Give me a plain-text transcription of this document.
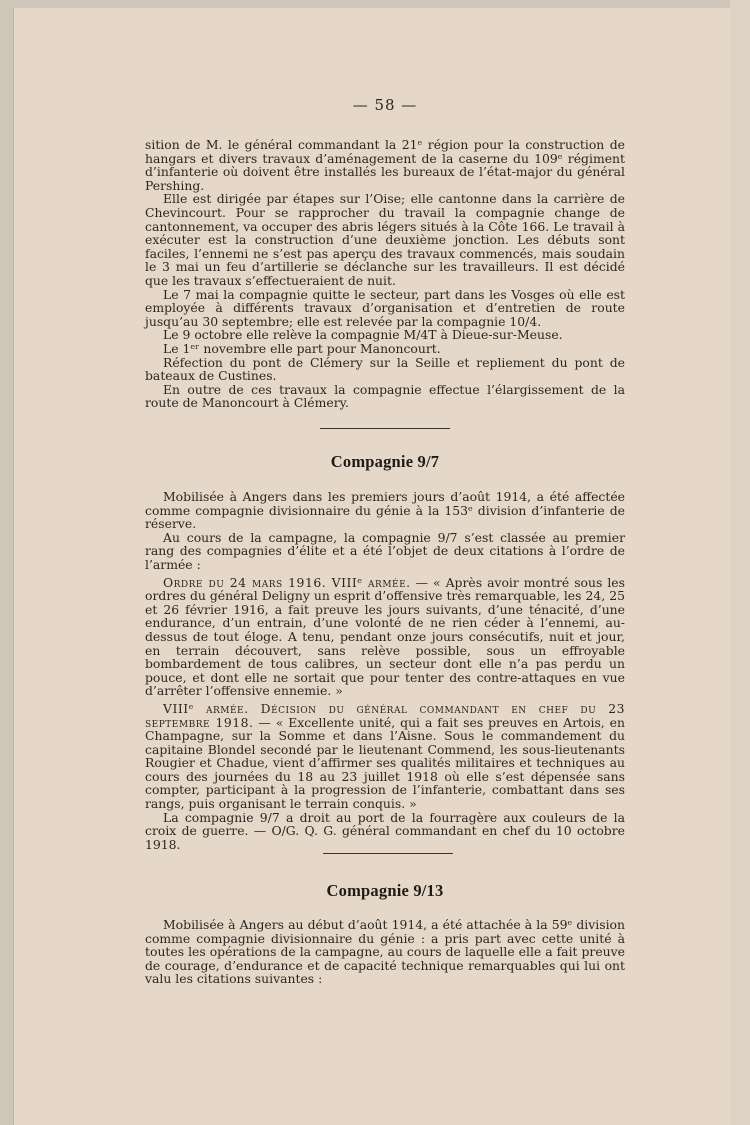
— 58 —

sition de M. le général commandant la 21ᵉ région pour la construction de hangars et divers travaux d’aménagement de la caserne du 109ᵉ régiment d’infanterie où doivent être installés les bureaux de l’état-major du général Pershing.

Elle est dirigée par étapes sur l’Oise; elle cantonne dans la carrière de Chevincourt. Pour se rapprocher du travail la compagnie change de cantonnement, va occuper des abris légers situés à la Côte 166. Le travail à exécuter est la construction d’une deuxième jonction. Les débuts sont faciles, l’ennemi ne s’est pas aperçu des travaux commencés, mais soudain le 3 mai un feu d’artillerie se déclanche sur les travailleurs. Il est décidé que les travaux s’effectueraient de nuit.

Le 7 mai la compagnie quitte le secteur, part dans les Vosges où elle est employée à différents travaux d’organisation et d’entretien de route jusqu’au 30 septembre; elle est relevée par la compagnie 10/4.

Le 9 octobre elle relève la compagnie M/4T à Dieue-sur-Meuse.

Le 1ᵉʳ novembre elle part pour Manoncourt.

Réfection du pont de Clémery sur la Seille et repliement du pont de bateaux de Custines.

En outre de ces travaux la compagnie effectue l’élargissement de la route de Manoncourt à Clémery.

Compagnie 9/7

Mobilisée à Angers dans les premiers jours d’août 1914, a été affectée comme compagnie divisionnaire du génie à la 153ᵉ division d’infanterie de réserve.

Au cours de la campagne, la compagnie 9/7 s’est classée au premier rang des compagnies d’élite et a été l’objet de deux citations à l’ordre de l’armée :

Ordre du 24 mars 1916. VIIIᵉ armée. — « Après avoir montré sous les ordres du général Deligny un esprit d’offensive très remarquable, les 24, 25 et 26 février 1916, a fait preuve les jours suivants, d’une ténacité, d’une endurance, d’un entrain, d’une volonté de ne rien céder à l’ennemi, au-dessus de tout éloge. A tenu, pendant onze jours consécutifs, nuit et jour, en terrain découvert, sans relève possible, sous un effroyable bombardement de tous calibres, un secteur dont elle n’a pas perdu un pouce, et dont elle ne sortait que pour tenter des contre-attaques en vue d’arrêter l’offensive ennemie. »

VIIIᵉ armée. Décision du général commandant en chef du 23 septembre 1918. — « Excellente unité, qui a fait ses preuves en Artois, en Champagne, sur la Somme et dans l’Aisne. Sous le commandement du capitaine Blondel secondé par le lieutenant Commend, les sous-lieutenants Rougier et Chadue, vient d’affirmer ses qualités militaires et techniques au cours des journées du 18 au 23 juillet 1918 où elle s’est dépensée sans compter, participant à la progression de l’infanterie, combattant dans ses rangs, puis organisant le terrain conquis. »

La compagnie 9/7 a droit au port de la fourragère aux couleurs de la croix de guerre. — O/G. Q. G. général commandant en chef du 10 octobre 1918.

Compagnie 9/13

Mobilisée à Angers au début d’août 1914, a été attachée à la 59ᵉ division comme compagnie divisionnaire du génie : a pris part avec cette unité à toutes les opérations de la campagne, au cours de laquelle elle a fait preuve de courage, d’endurance et de capacité technique remarquables qui lui ont valu les citations suivantes :
